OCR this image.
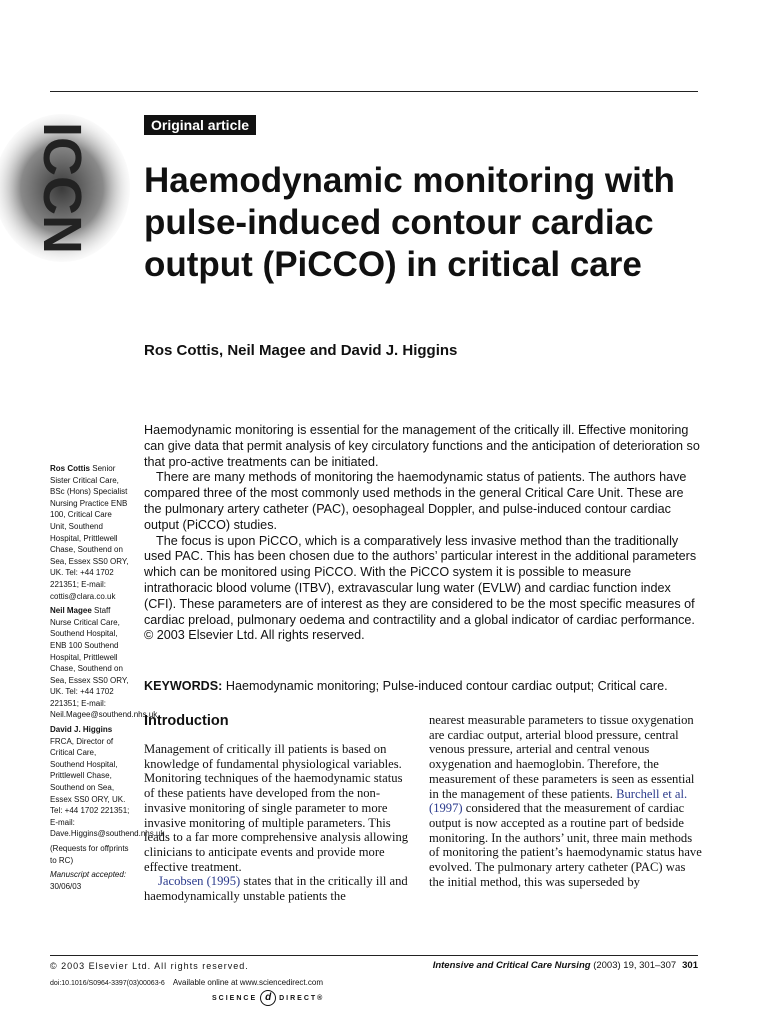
ICCN	Original article
Haemodynamic monitoring with pulse-induced contour cardiac output (PiCCO) in critical care

Ros Cottis, Neil Magee and David J. Higgins

Ros Cottis Senior Sister Critical Care, BSc (Hons) Specialist Nursing Practice ENB 100, Critical Care Unit, Southend Hospital, Prittlewell Chase, Southend on Sea, Essex SS0 ORY, UK. Tel: +44 1702 221351; E-mail: cottis@clara.co.uk

Neil Magee Staff Nurse Critical Care, Southend Hospital, ENB 100 Southend Hospital, Prittlewell Chase, Southend on Sea, Essex SS0 ORY, UK. Tel: +44 1702 221351; E-mail: Neil.Magee@southend.nhs.uk

David J. Higgins FRCA, Director of Critical Care, Southend Hospital, Prittlewell Chase, Southend on Sea, Essex SS0 ORY, UK. Tel: +44 1702 221351; E-mail: Dave.Higgins@southend.nhs.uk

(Requests for offprints to RC)

Manuscript accepted: 30/06/03

Haemodynamic monitoring is essential for the management of the critically ill. Effective monitoring can give data that permit analysis of key circulatory functions and the anticipation of deterioration so that pro-active treatments can be initiated.

There are many methods of monitoring the haemodynamic status of patients. The authors have compared three of the most commonly used methods in the general Critical Care Unit. These are the pulmonary artery catheter (PAC), oesophageal Doppler, and pulse-induced contour cardiac output (PiCCO) studies.

The focus is upon PiCCO, which is a comparatively less invasive method than the traditionally used PAC. This has been chosen due to the authors’ particular interest in the additional parameters which can be monitored using PiCCO. With the PiCCO system it is possible to measure intrathoracic blood volume (ITBV), extravascular lung water (EVLW) and cardiac function index (CFI). These parameters are of interest as they are considered to be the most specific measures of cardiac preload, pulmonary oedema and contractility and a global indicator of cardiac performance.

© 2003 Elsevier Ltd. All rights reserved.

KEYWORDS: Haemodynamic monitoring; Pulse-induced contour cardiac output; Critical care.

Introduction

Management of critically ill patients is based on knowledge of fundamental physiological variables. Monitoring techniques of the haemodynamic status of these patients have developed from the non-invasive monitoring of single parameter to more invasive monitoring of multiple parameters. This leads to a far more comprehensive analysis allowing clinicians to anticipate events and provide more effective treatment.

Jacobsen (1995) states that in the critically ill and haemodynamically unstable patients the

nearest measurable parameters to tissue oxygenation are cardiac output, arterial blood pressure, central venous pressure, arterial and central venous oxygenation and haemoglobin. Therefore, the measurement of these parameters is seen as essential in the management of these patients. Burchell et al. (1997) considered that the measurement of cardiac output is now accepted as a routine part of bedside monitoring. In the authors’ unit, three main methods of monitoring the patient’s haemodynamic status have evolved. The pulmonary artery catheter (PAC) was the initial method, this was superseded by

© 2003 Elsevier Ltd. All rights reserved.	Intensive and Critical Care Nursing (2003) 19, 301–307 301
doi:10.1016/S0964-3397(03)00063-6 Available online at www.sciencedirect.com
SCIENCE d	DIRECT®
